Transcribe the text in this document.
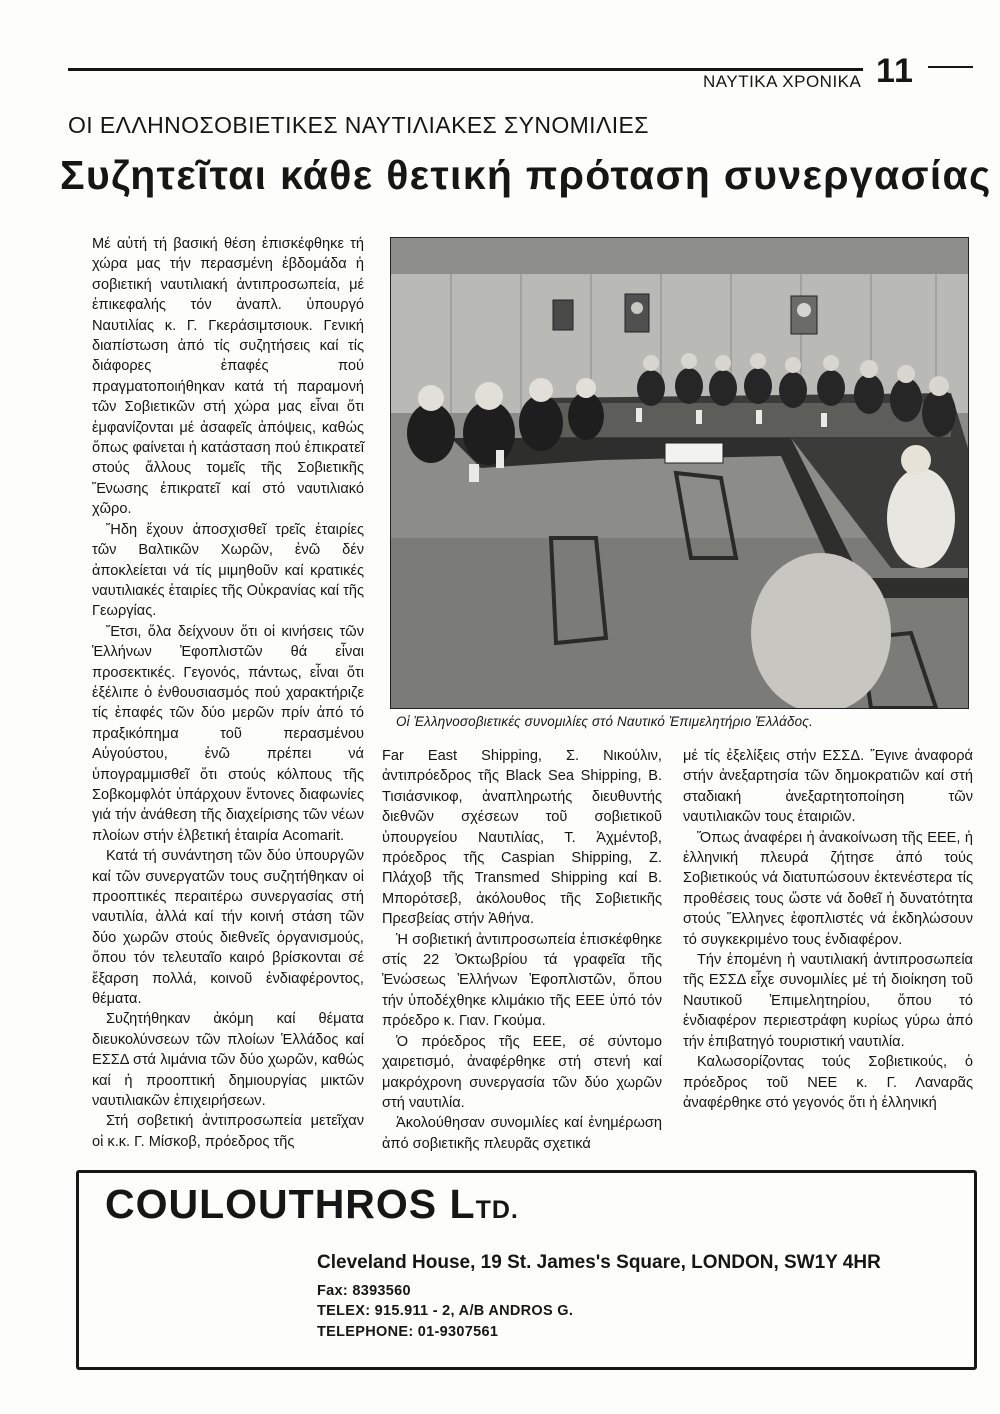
ΝΑΥΤΙΚΑ ΧΡΟΝΙΚΑ 11
ΟΙ ΕΛΛΗΝΟΣΟΒΙΕΤΙΚΕΣ ΝΑΥΤΙΛΙΑΚΕΣ ΣΥΝΟΜΙΛΙΕΣ
Συζητεῖται κάθε θετική πρόταση συνεργασίας

Μέ αὐτή τή βασική θέση ἐπισκέφθηκε τή χώρα μας τήν περασμένη ἑβδομάδα ἡ σοβιετική ναυτιλιακή ἀντιπροσωπεία, μέ ἐπικεφαλής τόν ἀναπλ. ὑπουργό Ναυτιλίας κ. Γ. Γκεράσιμτσιουκ. Γενική διαπίστωση ἀπό τίς συζητήσεις καί τίς διάφορες ἐπαφές πού πραγματοποιήθηκαν κατά τή παραμονή τῶν Σοβιετικῶν στή χώρα μας εἶναι ὅτι ἐμφανίζονται μέ ἀσαφεῖς ἀπόψεις, καθώς ὅπως φαίνεται ἡ κατάσταση πού ἐπικρατεῖ στούς ἄλλους τομεῖς τῆς Σοβιετικῆς Ἕνωσης ἐπικρατεῖ καί στό ναυτιλιακό χῶρο.

Ἤδη ἔχουν ἀποσχισθεῖ τρεῖς ἑταιρίες τῶν Βαλτικῶν Χωρῶν, ἐνῶ δέν ἀποκλείεται νά τίς μιμηθοῦν καί κρατικές ναυτιλιακές ἑταιρίες τῆς Οὐκρανίας καί τῆς Γεωργίας.

Ἔτσι, ὅλα δείχνουν ὅτι οἱ κινήσεις τῶν Ἑλλήνων Ἐφοπλιστῶν θά εἶναι προσεκτικές. Γεγονός, πάντως, εἶναι ὅτι ἐξέλιπε ὁ ἐνθουσιασμός πού χαρακτήριζε τίς ἐπαφές τῶν δύο μερῶν πρίν ἀπό τό πραξικόπημα τοῦ περασμένου Αὐγούστου, ἐνῶ πρέπει νά ὑπογραμμισθεῖ ὅτι στούς κόλπους τῆς Σοβκομφλότ ὑπάρχουν ἔντονες διαφωνίες γιά τήν ἀνάθεση τῆς διαχείρισης τῶν νέων πλοίων στήν ἑλβετική ἑταιρία Acomarit.

Κατά τή συνάντηση τῶν δύο ὑπουργῶν καί τῶν συνεργατῶν τους συζητήθηκαν οἱ προοπτικές περαιτέρω συνεργασίας στή ναυτιλία, ἀλλά καί τήν κοινή στάση τῶν δύο χωρῶν στούς διεθνεῖς ὀργανισμούς, ὅπου τόν τελευταῖο καιρό βρίσκονται σέ ἔξαρση πολλά, κοινοῦ ἐνδιαφέροντος, θέματα.

Συζητήθηκαν ἀκόμη καί θέματα διευκολύνσεων τῶν πλοίων Ἑλλάδος καί ΕΣΣΔ στά λιμάνια τῶν δύο χωρῶν, καθώς καί ἡ προοπτική δημιουργίας μικτῶν ναυτιλιακῶν ἐπιχειρήσεων.

Στή σοβετική ἀντιπροσωπεία μετεῖχαν οἱ κ.κ. Γ. Μίσκοβ, πρόεδρος τῆς

Οἱ Ἑλληνοσοβιετικές συνομιλίες στό Ναυτικό Ἐπιμελητήριο Ἑλλάδος.

Far East Shipping, Σ. Νικούλιν, ἀντιπρόεδρος τῆς Black Sea Shipping, Β. Τισιάσνικοφ, ἀναπληρωτής διευθυντής διεθνῶν σχέσεων τοῦ σοβιετικοῦ ὑπουργείου Ναυτιλίας, Τ. Ἀχμέντοβ, πρόεδρος τῆς Caspian Shipping, Ζ. Πλάχοβ τῆς Transmed Shipping καί Β. Μπορότσεβ, ἀκόλουθος τῆς Σοβιετικῆς Πρεσβείας στήν Ἀθήνα.

Ἡ σοβιετική ἀντιπροσωπεία ἐπισκέφθηκε στίς 22 Ὀκτωβρίου τά γραφεῖα τῆς Ἑνώσεως Ἑλλήνων Ἐφοπλιστῶν, ὅπου τήν ὑποδέχθηκε κλιμάκιο τῆς ΕΕΕ ὑπό τόν πρόεδρο κ. Γιαν. Γκούμα.

Ὁ πρόεδρος τῆς ΕΕΕ, σέ σύντομο χαιρετισμό, ἀναφέρθηκε στή στενή καί μακρόχρονη συνεργασία τῶν δύο χωρῶν στή ναυτιλία.

Ἀκολούθησαν συνομιλίες καί ἐνημέρωση ἀπό σοβιετικῆς πλευρᾶς σχετικά

μέ τίς ἐξελίξεις στήν ΕΣΣΔ. Ἔγινε ἀναφορά στήν ἀνεξαρτησία τῶν δημοκρατιῶν καί στή σταδιακή ἀνεξαρτητοποίηση τῶν ναυτιλιακῶν τους ἑταιριῶν.

Ὅπως ἀναφέρει ἡ ἀνακοίνωση τῆς ΕΕΕ, ἡ ἑλληνική πλευρά ζήτησε ἀπό τούς Σοβιετικούς νά διατυπώσουν ἐκτενέστερα τίς προθέσεις τους ὥστε νά δοθεῖ ἡ δυνατότητα στούς Ἕλληνες ἐφοπλιστές νά ἐκδηλώσουν τό συγκεκριμένο τους ἐνδιαφέρον.

Τήν ἑπομένη ἡ ναυτιλιακή ἀντιπροσωπεία τῆς ΕΣΣΔ εἶχε συνομιλίες μέ τή διοίκηση τοῦ Ναυτικοῦ Ἐπιμελητηρίου, ὅπου τό ἐνδιαφέρον περιεστράφη κυρίως γύρω ἀπό τήν ἐπιβατηγό τουριστική ναυτιλία.

Καλωσορίζοντας τούς Σοβιετικούς, ὁ πρόεδρος τοῦ ΝΕΕ κ. Γ. Λαναρᾶς ἀναφέρθηκε στό γεγονός ὅτι ἡ ἑλληνική

COULOUTHROS LTD.
Cleveland House, 19 St. James's Square, LONDON, SW1Y 4HR
Fax: 8393560
TELEX: 915.911 - 2, A/B ANDROS G.
TELEPHONE: 01-9307561
